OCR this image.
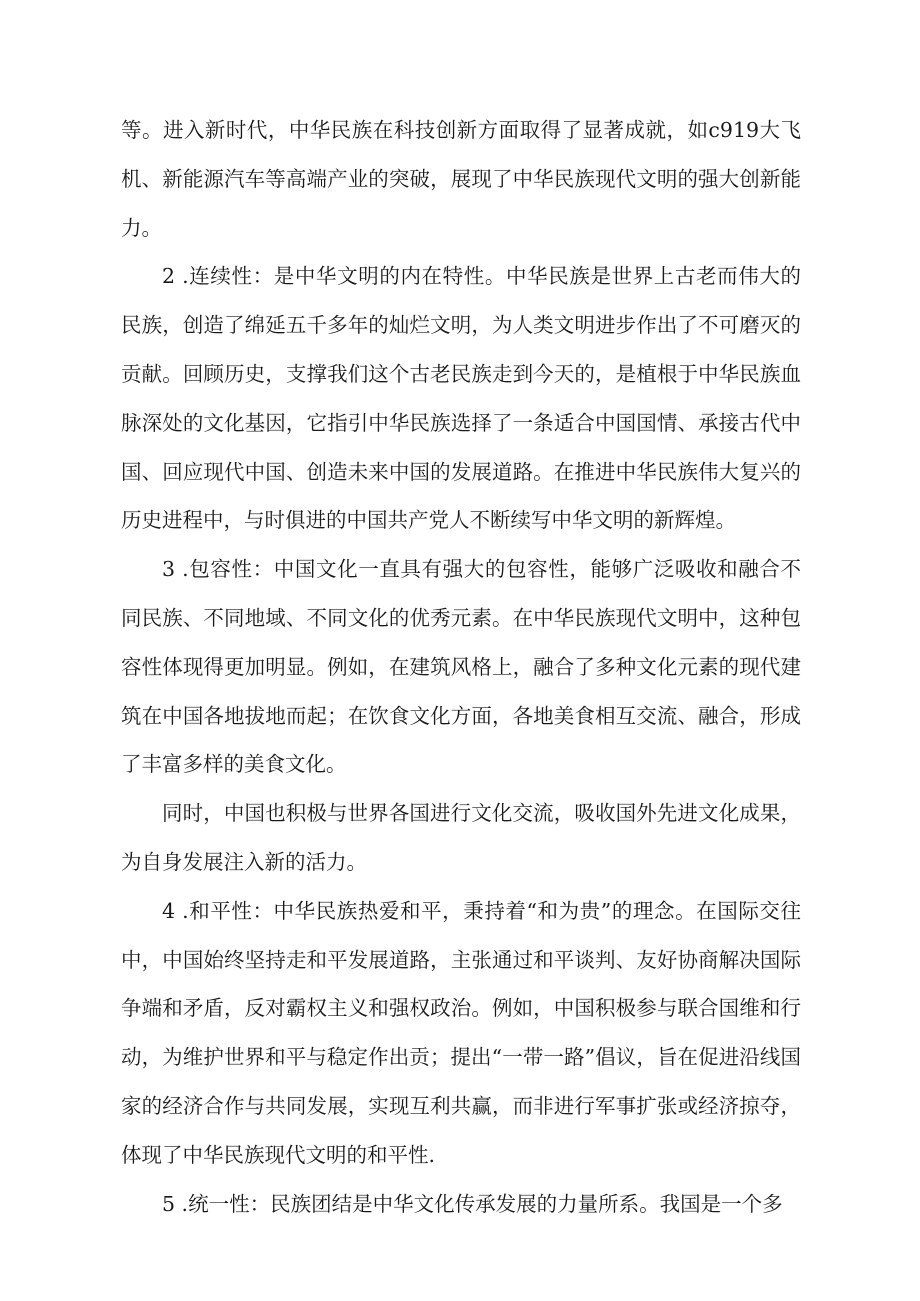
等。进入新时代，中华民族在科技创新方面取得了显著成就，如c919大飞机、新能源汽车等高端产业的突破，展现了中华民族现代文明的强大创新能力。

2 .连续性：是中华文明的内在特性。中华民族是世界上古老而伟大的民族，创造了绵延五千多年的灿烂文明，为人类文明进步作出了不可磨灭的贡献。回顾历史，支撑我们这个古老民族走到今天的，是植根于中华民族血脉深处的文化基因，它指引中华民族选择了一条适合中国国情、承接古代中国、回应现代中国、创造未来中国的发展道路。在推进中华民族伟大复兴的历史进程中，与时俱进的中国共产党人不断续写中华文明的新辉煌。

3 .包容性：中国文化一直具有强大的包容性，能够广泛吸收和融合不同民族、不同地域、不同文化的优秀元素。在中华民族现代文明中，这种包容性体现得更加明显。例如，在建筑风格上，融合了多种文化元素的现代建筑在中国各地拔地而起；在饮食文化方面，各地美食相互交流、融合，形成了丰富多样的美食文化。

同时，中国也积极与世界各国进行文化交流，吸收国外先进文化成果，为自身发展注入新的活力。

4 .和平性：中华民族热爱和平，秉持着“和为贵”的理念。在国际交往中，中国始终坚持走和平发展道路，主张通过和平谈判、友好协商解决国际争端和矛盾，反对霸权主义和强权政治。例如，中国积极参与联合国维和行动，为维护世界和平与稳定作出贡；提出“一带一路”倡议，旨在促进沿线国家的经济合作与共同发展，实现互利共赢，而非进行军事扩张或经济掠夺，体现了中华民族现代文明的和平性.

5 .统一性：民族团结是中华文化传承发展的力量所系。我国是一个多
